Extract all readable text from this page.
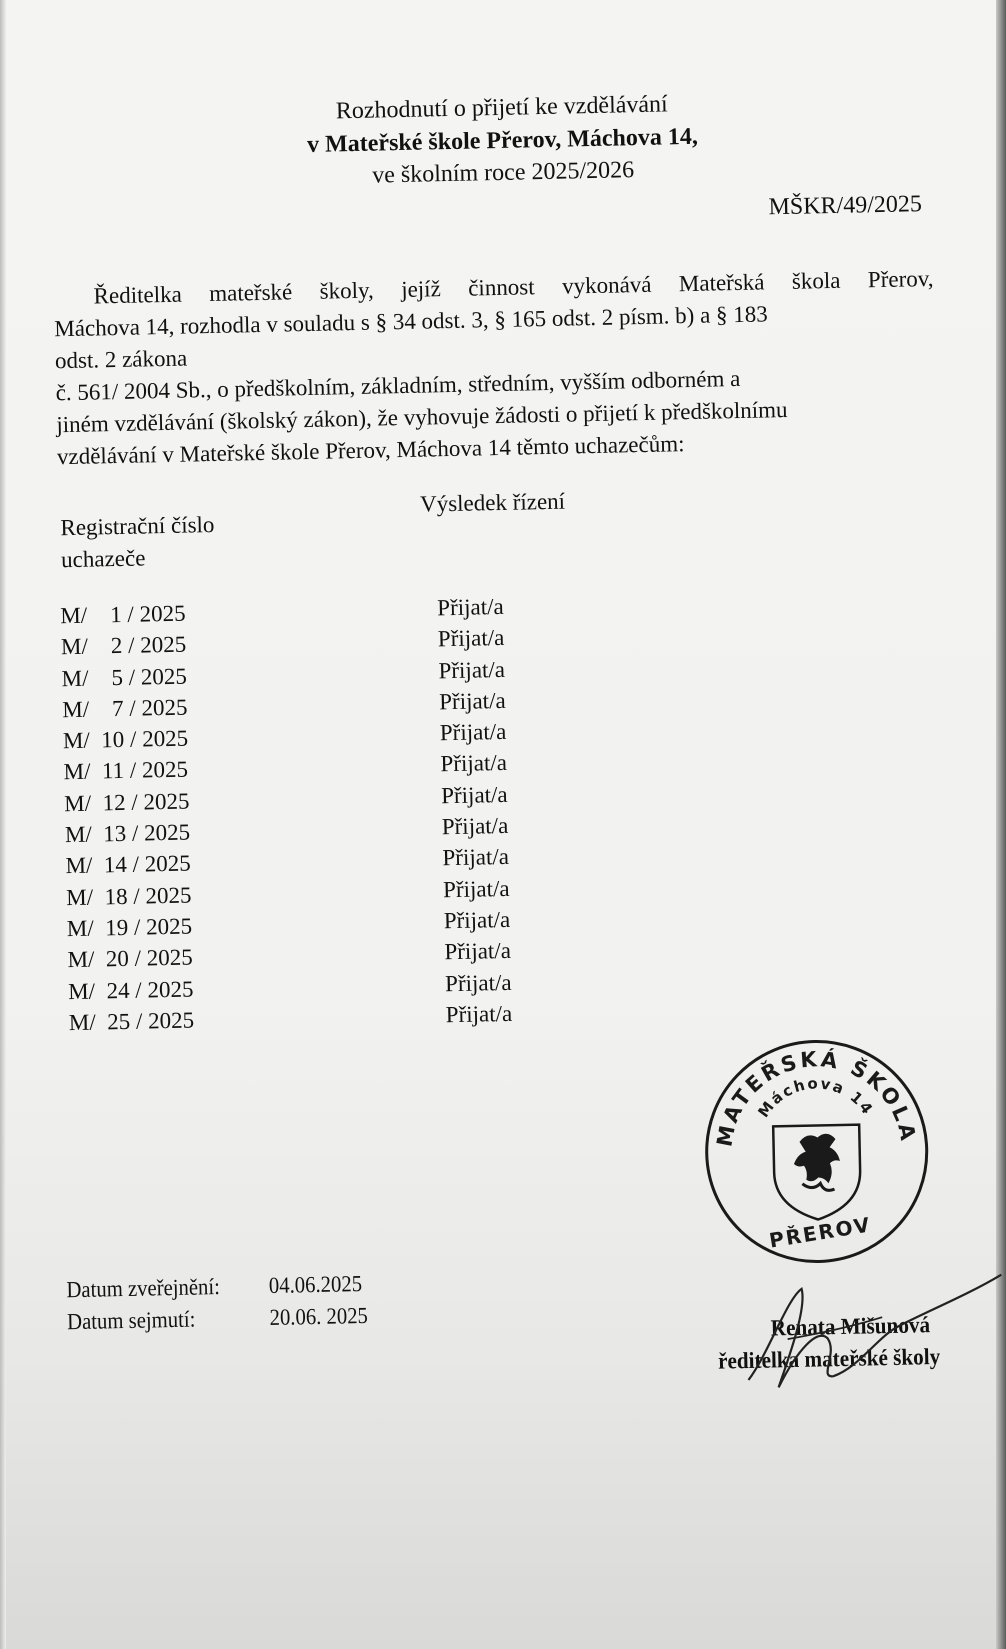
Rozhodnutí o přijetí ke vzdělávání
v Mateřské škole Přerov, Máchova 14,
ve školním roce 2025/2026
MŠKR/49/2025
Ředitelka mateřské školy, jejíž činnost vykonává Mateřská škola Přerov,
Máchova 14, rozhodla v souladu s § 34 odst. 3, § 165 odst. 2 písm. b) a § 183
odst. 2 zákona
č. 561/ 2004 Sb., o předškolním, základním, středním, vyšším odborném a
jiném vzdělávání (školský zákon), že vyhovuje žádosti o přijetí k předškolnímu
vzdělávání v Mateřské škole Přerov, Máchova 14 těmto uchazečům:
Registrační číslo
uchazeče
Výsledek řízení
M/    1 / 2025	Přijat/a
M/    2 / 2025	Přijat/a
M/    5 / 2025	Přijat/a
M/    7 / 2025	Přijat/a
M/  10 / 2025	Přijat/a
M/  11 / 2025	Přijat/a
M/  12 / 2025	Přijat/a
M/  13 / 2025	Přijat/a
M/  14 / 2025	Přijat/a
M/  18 / 2025	Přijat/a
M/  19 / 2025	Přijat/a
M/  20 / 2025	Přijat/a
M/  24 / 2025	Přijat/a
M/  25 / 2025	Přijat/a
MATEŘSKÁ ŠKOLA
Máchova 14
PŘEROV
Datum zveřejnění: 04.06.2025
Datum sejmutí:	20.06. 2025	Renata Mišunová
ředitelka mateřské školy
